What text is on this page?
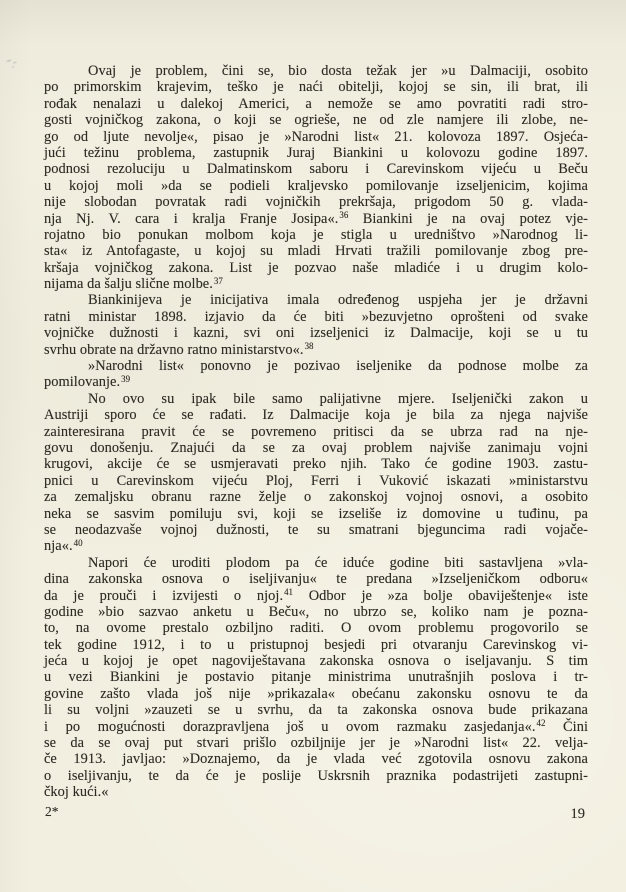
Ovaj je problem, čini se, bio dosta težak jer »u Dalmaciji, osobito
po primorskim krajevim, teško je naći obitelji, kojoj se sin, ili brat, ili
rođak nenalazi u dalekoj Americi, a nemože se amo povratiti radi stro-
gosti vojničkog zakona, o koji se ogrieše, ne od zle namjere ili zlobe, ne-
go od ljute nevolje«, pisao je »Narodni list« 21. kolovoza 1897. Osjeća-
jući težinu problema, zastupnik Juraj Biankini u kolovozu godine 1897.
podnosi rezoluciju u Dalmatinskom saboru i Carevinskom vijeću u Beču
u kojoj moli »da se podieli kraljevsko pomilovanje izseljenicim, kojima
nije slobodan povratak radi vojničkih prekršaja, prigodom 50 g. vlada-
nja Nj. V. cara i kralja Franje Josipa«.$^{36}$ Biankini je na ovaj potez vje-
rojatno bio ponukan molbom koja je stigla u uredništvo »Narodnog li-
sta« iz Antofagaste, u kojoj su mladi Hrvati tražili pomilovanje zbog pre-
kršaja vojničkog zakona. List je pozvao naše mladiće i u drugim kolo-
nijama da šalju slične molbe.$^{37}$
Biankinijeva je inicijativa imala određenog uspjeha jer je državni
ratni ministar 1898. izjavio da će biti »bezuvjetno oprošteni od svake
vojničke dužnosti i kazni, svi oni izseljenici iz Dalmacije, koji se u tu
svrhu obrate na državno ratno ministarstvo«.$^{38}$
»Narodni list« ponovno je pozivao iseljenike da podnose molbe za
pomilovanje.$^{39}$
No ovo su ipak bile samo palijativne mjere. Iseljenički zakon u
Austriji sporo će se rađati. Iz Dalmacije koja je bila za njega najviše
zainteresirana pravit će se povremeno pritisci da se ubrza rad na nje-
govu donošenju. Znajući da se za ovaj problem najviše zanimaju vojni
krugovi, akcije će se usmjeravati preko njih. Tako će godine 1903. zastu-
pnici u Carevinskom vijeću Ploj, Ferri i Vuković iskazati »ministarstvu
za zemaljsku obranu razne želje o zakonskoj vojnoj osnovi, a osobito
neka se sasvim pomiluju svi, koji se izseliše iz domovine u tuđinu, pa
se neodazvaše vojnoj dužnosti, te su smatrani bjeguncima radi vojače-
nja«.$^{40}$
Napori će uroditi plodom pa će iduće godine biti sastavljena »vla-
dina zakonska osnova o iseljivanju« te predana »Izseljeničkom odboru«
da je prouči i izvijesti o njoj.$^{41}$ Odbor je »za bolje obaviještenje« iste
godine »bio sazvao anketu u Beču«, no ubrzo se, koliko nam je pozna-
to, na ovome prestalo ozbiljno raditi. O ovom problemu progovorilo se
tek godine 1912, i to u pristupnoj besjedi pri otvaranju Carevinskog vi-
jeća u kojoj je opet nagoviještavana zakonska osnova o iseljavanju. S tim
u vezi Biankini je postavio pitanje ministrima unutrašnjih poslova i tr-
govine zašto vlada još nije »prikazala« obećanu zakonsku osnovu te da
li su voljni »zauzeti se u svrhu, da ta zakonska osnova bude prikazana
i po mogućnosti dorazpravljena još u ovom razmaku zasjedanja«.$^{42}$ Čini
se da se ovaj put stvari prišlo ozbiljnije jer je »Narodni list« 22. velja-
če 1913. javljao: »Doznajemo, da je vlada već zgotovila osnovu zakona
o iseljivanju, te da će je poslije Uskrsnih praznika podastrijeti zastupni-
čkoj kući.«
2*	19
